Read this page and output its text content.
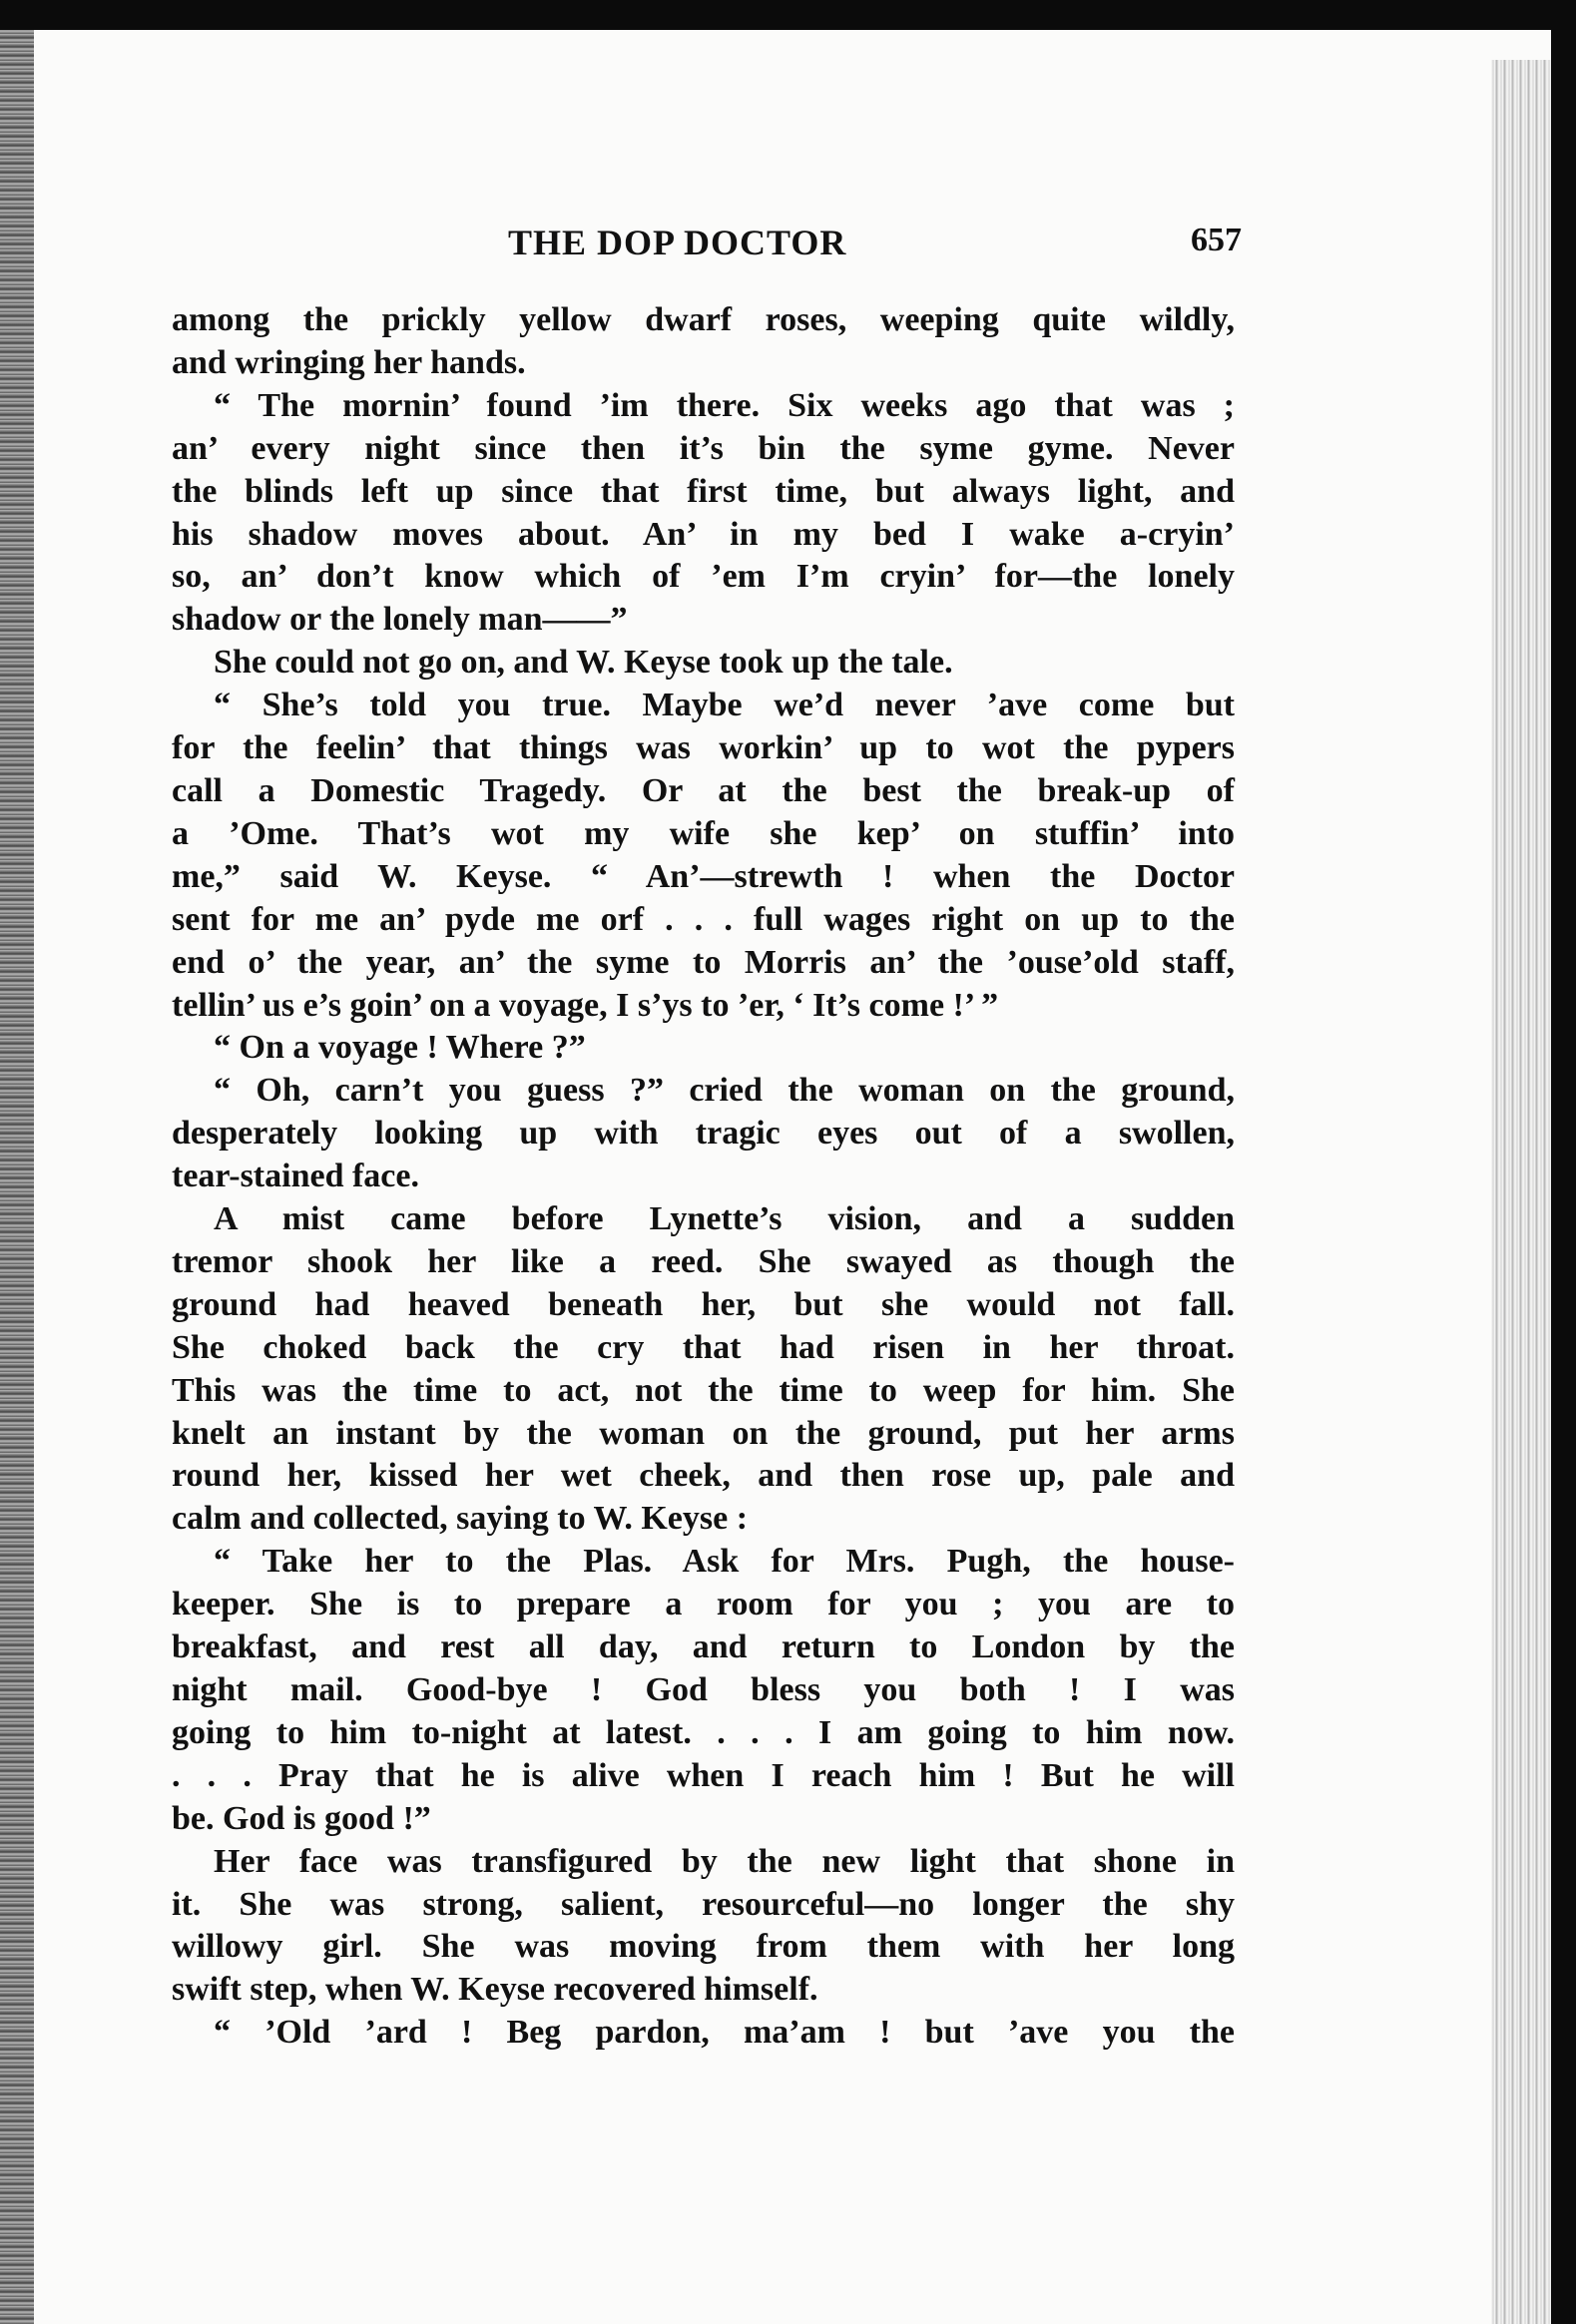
THE DOP DOCTOR	657

among the prickly yellow dwarf roses, weeping quite wildly,

and wringing her hands.

“ The mornin’ found ’im there. Six weeks ago that was ;

an’ every night since then it’s bin the syme gyme. Never

the blinds left up since that first time, but always light, and

his shadow moves about. An’ in my bed I wake a-cryin’

so, an’ don’t know which of ’em I’m cryin’ for—the lonely

shadow or the lonely man——”

She could not go on, and W. Keyse took up the tale.

“ She’s told you true. Maybe we’d never ’ave come but

for the feelin’ that things was workin’ up to wot the pypers

call a Domestic Tragedy. Or at the best the break-up of

a ’Ome. That’s wot my wife she kep’ on stuffin’ into

me,” said W. Keyse. “ An’—strewth ! when the Doctor

sent for me an’ pyde me orf . . . full wages right on up to the

end o’ the year, an’ the syme to Morris an’ the ’ouse’old staff,

tellin’ us e’s goin’ on a voyage, I s’ys to ’er, ‘ It’s come !’ ”

“ On a voyage ! Where ?”

“ Oh, carn’t you guess ?” cried the woman on the ground,

desperately looking up with tragic eyes out of a swollen,

tear-stained face.

A mist came before Lynette’s vision, and a sudden

tremor shook her like a reed. She swayed as though the

ground had heaved beneath her, but she would not fall.

She choked back the cry that had risen in her throat.

This was the time to act, not the time to weep for him. She

knelt an instant by the woman on the ground, put her arms

round her, kissed her wet cheek, and then rose up, pale and

calm and collected, saying to W. Keyse :

“ Take her to the Plas. Ask for Mrs. Pugh, the house-

keeper. She is to prepare a room for you ; you are to

breakfast, and rest all day, and return to London by the

night mail. Good-bye ! God bless you both ! I was

going to him to-night at latest. . . . I am going to him now.

. . . Pray that he is alive when I reach him ! But he will

be. God is good !”

Her face was transfigured by the new light that shone in

it. She was strong, salient, resourceful—no longer the shy

willowy girl. She was moving from them with her long

swift step, when W. Keyse recovered himself.

“ ’Old ’ard ! Beg pardon, ma’am ! but ’ave you the
